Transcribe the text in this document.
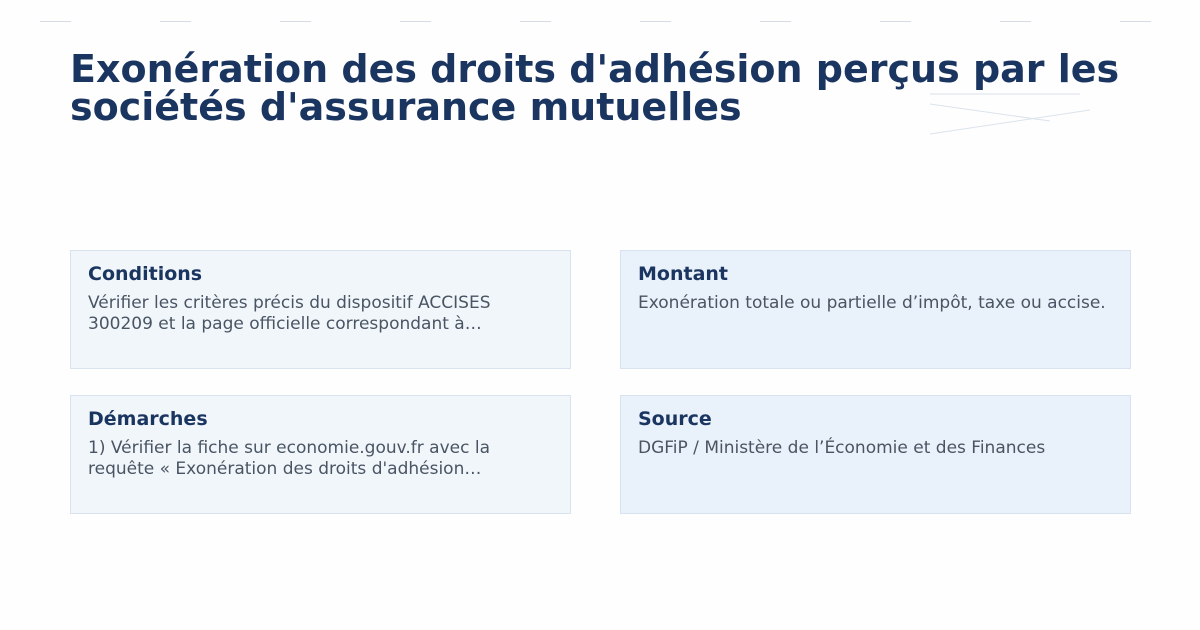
Exonération des droits d'adhésion perçus par les sociétés d'assurance mutuelles
Conditions

Vérifier les critères précis du dispositif ACCISES 300209 et la page officielle correspondant à…

Montant

Exonération totale ou partielle d’impôt, taxe ou accise.

Démarches

1) Vérifier la fiche sur economie.gouv.fr avec la requête « Exonération des droits d'adhésion…

Source

DGFiP / Ministère de l’Économie et des Finances
